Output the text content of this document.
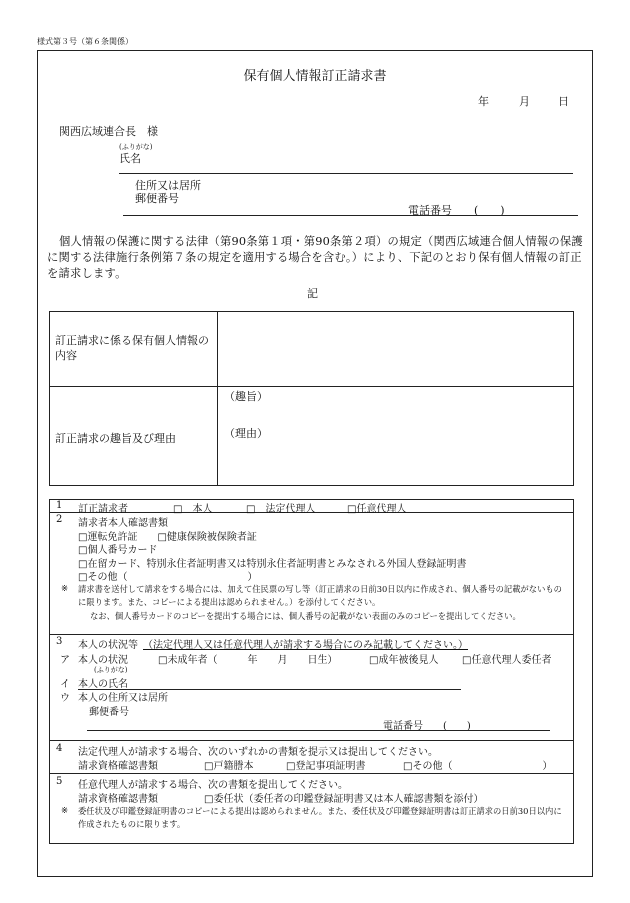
様式第３号（第６条関係）
保有個人情報訂正請求書
年	月	日
関西広域連合長　様
(ふりがな)
氏名
住所又は居所
郵便番号
電話番号　　(　　)
個人情報の保護に関する法律（第90条第１項・第90条第２項）の規定（関西広域連合個人情報の保護に関する法律施行条例第７条の規定を適用する場合を含む。）により、下記のとおり保有個人情報の訂正を請求します。
記
訂正請求に係る保有個人情報の内容
訂正請求の趣旨及び理由
（趣旨）
（理由）
1 訂正請求者	□　本人	□　法定代理人	□任意代理人
2 請求者本人確認書類
□運転免許証　　□健康保険被保険者証
□個人番号カード
□在留カード、特別永住者証明書又は特別永住者証明書とみなされる外国人登録証明書
□その他（　　　　　　　　　　　　）
※ 請求書を送付して請求をする場合には、加えて住民票の写し等（訂正請求の日前30日以内に作成され、個人番号の記載がないものに限ります。また、コピーによる提出は認められません。）を添付してください。
なお、個人番号カードのコピーを提出する場合には、個人番号の記載がない表面のみのコピーを提出してください。
3 本人の状況等 （法定代理人又は任意代理人が請求する場合にのみ記載してください。）
ア 本人の状況	□未成年者（　　　年　　月　　日生）	□成年被後見人 □任意代理人委任者
(ふりがな)
イ 本人の氏名
ウ 本人の住所又は居所
郵便番号
電話番号　　(　　)
4 法定代理人が請求する場合、次のいずれかの書類を提示又は提出してください。
請求資格確認書類	□戸籍謄本	□登記事項証明書	□その他（　　　　　　　　　）
5 任意代理人が請求する場合、次の書類を提出してください。
請求資格確認書類	□委任状（委任者の印鑑登録証明書又は本人確認書類を添付）
※ 委任状及び印鑑登録証明書のコピーによる提出は認められません。また、委任状及び印鑑登録証明書は訂正請求の日前30日以内に作成されたものに限ります。
